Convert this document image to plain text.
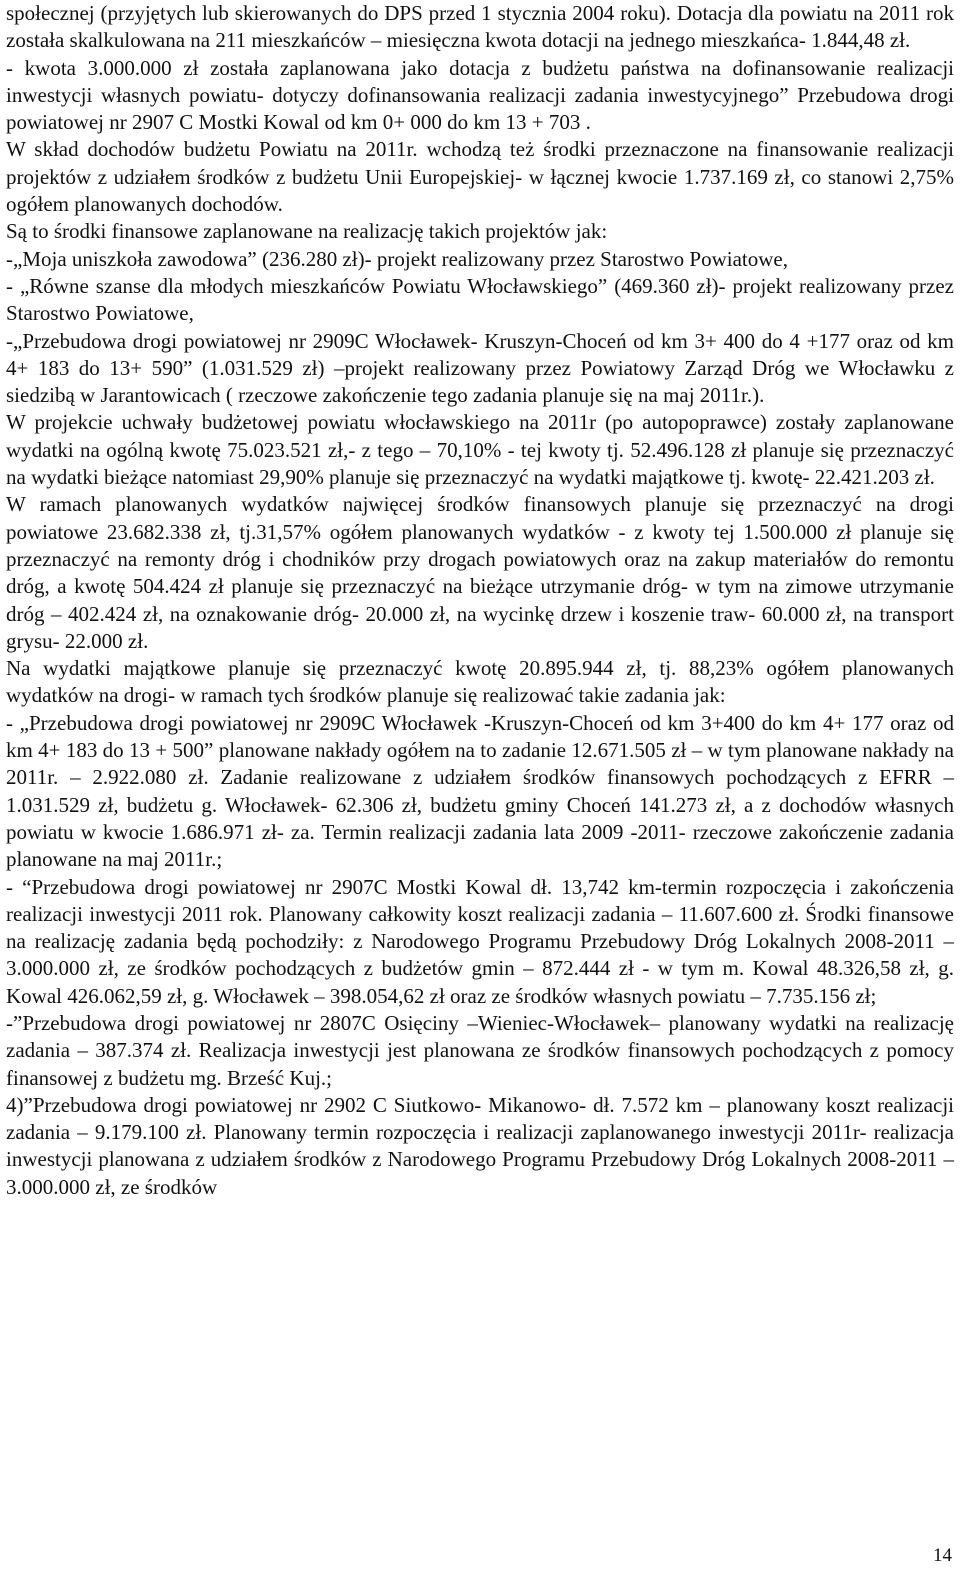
społecznej (przyjętych lub skierowanych do DPS przed 1 stycznia 2004 roku). Dotacja dla powiatu na 2011 rok została skalkulowana na 211 mieszkańców – miesięczna kwota dotacji na jednego mieszkańca- 1.844,48 zł.

- kwota 3.000.000 zł została zaplanowana jako dotacja z budżetu państwa na dofinansowanie realizacji inwestycji własnych powiatu- dotyczy dofinansowania realizacji zadania inwestycyjnego” Przebudowa drogi powiatowej nr 2907 C Mostki Kowal od km 0+ 000 do km 13 + 703 .

W skład dochodów budżetu Powiatu na 2011r. wchodzą też środki przeznaczone na finansowanie realizacji projektów z udziałem środków z budżetu Unii Europejskiej- w łącznej kwocie 1.737.169 zł, co stanowi 2,75% ogółem planowanych dochodów.

Są to środki finansowe zaplanowane na realizację takich projektów jak:

-„Moja uniszkoła zawodowa” (236.280 zł)- projekt realizowany przez Starostwo Powiatowe,

- „Równe szanse dla młodych mieszkańców Powiatu Włocławskiego” (469.360 zł)- projekt realizowany przez Starostwo Powiatowe,

-„Przebudowa drogi powiatowej nr 2909C Włocławek- Kruszyn-Choceń od km 3+ 400 do 4 +177 oraz od km 4+ 183 do 13+ 590” (1.031.529 zł) –projekt realizowany przez Powiatowy Zarząd Dróg we Włocławku z siedzibą w Jarantowicach ( rzeczowe zakończenie tego zadania planuje się na maj 2011r.).

W projekcie uchwały budżetowej powiatu włocławskiego na 2011r (po autopoprawce) zostały zaplanowane wydatki na ogólną kwotę 75.023.521 zł,- z tego – 70,10% - tej kwoty tj. 52.496.128 zł planuje się przeznaczyć na wydatki bieżące natomiast 29,90% planuje się przeznaczyć na wydatki majątkowe tj. kwotę- 22.421.203 zł.

W ramach planowanych wydatków najwięcej środków finansowych planuje się przeznaczyć na drogi powiatowe 23.682.338 zł, tj.31,57% ogółem planowanych wydatków - z kwoty tej 1.500.000 zł planuje się przeznaczyć na remonty dróg i chodników przy drogach powiatowych oraz na zakup materiałów do remontu dróg, a kwotę 504.424 zł planuje się przeznaczyć na bieżące utrzymanie dróg- w tym na zimowe utrzymanie dróg – 402.424 zł, na oznakowanie dróg- 20.000 zł, na wycinkę drzew i koszenie traw- 60.000 zł, na transport grysu- 22.000 zł.

Na wydatki majątkowe planuje się przeznaczyć kwotę 20.895.944 zł, tj. 88,23% ogółem planowanych wydatków na drogi- w ramach tych środków planuje się realizować takie zadania jak:

- „Przebudowa drogi powiatowej nr 2909C Włocławek -Kruszyn-Choceń od km 3+400 do km 4+ 177 oraz od km 4+ 183 do 13 + 500” planowane nakłady ogółem na to zadanie 12.671.505 zł – w tym planowane nakłady na 2011r. – 2.922.080 zł. Zadanie realizowane z udziałem środków finansowych pochodzących z EFRR – 1.031.529 zł, budżetu g. Włocławek- 62.306 zł, budżetu gminy Choceń 141.273 zł, a z dochodów własnych powiatu w kwocie 1.686.971 zł- za. Termin realizacji zadania lata 2009 -2011- rzeczowe zakończenie zadania planowane na maj 2011r.;

- “Przebudowa drogi powiatowej nr 2907C Mostki Kowal dł. 13,742 km-termin rozpoczęcia i zakończenia realizacji inwestycji 2011 rok. Planowany całkowity koszt realizacji zadania – 11.607.600 zł. Środki finansowe na realizację zadania będą pochodziły: z Narodowego Programu Przebudowy Dróg Lokalnych 2008-2011 – 3.000.000 zł, ze środków pochodzących z budżetów gmin – 872.444 zł - w tym m. Kowal 48.326,58 zł, g. Kowal 426.062,59 zł, g. Włocławek – 398.054,62 zł oraz ze środków własnych powiatu – 7.735.156 zł;

-”Przebudowa drogi powiatowej nr 2807C Osięciny –Wieniec-Włocławek– planowany wydatki na realizację zadania – 387.374 zł. Realizacja inwestycji jest planowana ze środków finansowych pochodzących z pomocy finansowej z budżetu mg. Brześć Kuj.;

4)”Przebudowa drogi powiatowej nr 2902 C Siutkowo- Mikanowo- dł. 7.572 km – planowany koszt realizacji zadania – 9.179.100 zł. Planowany termin rozpoczęcia i realizacji zaplanowanego inwestycji 2011r- realizacja inwestycji planowana z udziałem środków z Narodowego Programu Przebudowy Dróg Lokalnych 2008-2011 – 3.000.000 zł, ze środków

14
